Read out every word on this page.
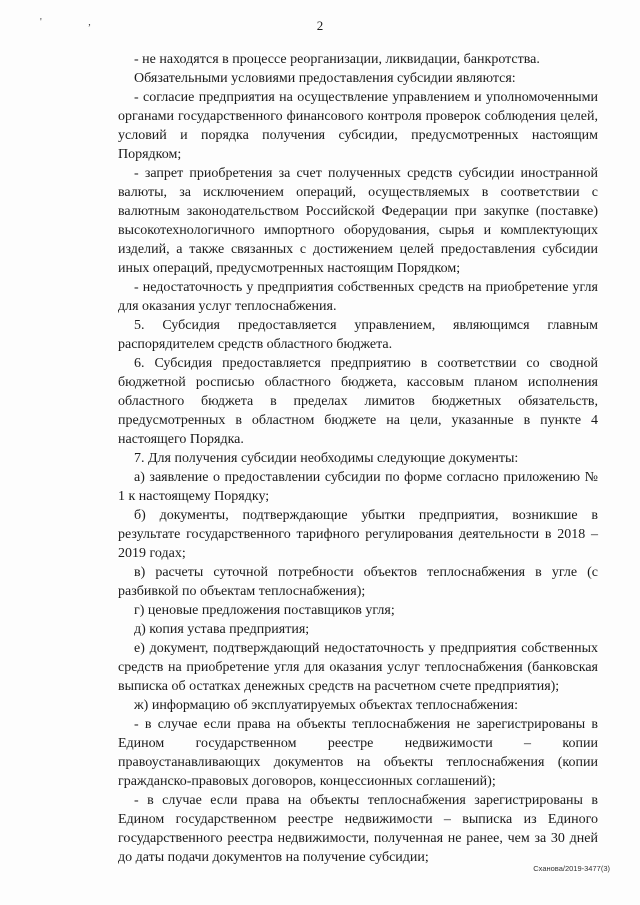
' ,	2

- не находятся в процессе реорганизации, ликвидации, банкротства.

Обязательными условиями предоставления субсидии являются:

- согласие предприятия на осуществление управлением и уполномоченными органами государственного финансового контроля проверок соблюдения целей, условий и порядка получения субсидии, предусмотренных настоящим Порядком;

- запрет приобретения за счет полученных средств субсидии иностранной валюты, за исключением операций, осуществляемых в соответствии с валютным законодательством Российской Федерации при закупке (поставке) высокотехнологичного импортного оборудования, сырья и комплектующих изделий, а также связанных с достижением целей предоставления субсидии иных операций, предусмотренных настоящим Порядком;

- недостаточность у предприятия собственных средств на приобретение угля для оказания услуг теплоснабжения.

5. Субсидия предоставляется управлением, являющимся главным распорядителем средств областного бюджета.

6. Субсидия предоставляется предприятию в соответствии со сводной бюджетной росписью областного бюджета, кассовым планом исполнения областного бюджета в пределах лимитов бюджетных обязательств, предусмотренных в областном бюджете на цели, указанные в пункте 4 настоящего Порядка.

7. Для получения субсидии необходимы следующие документы:

а) заявление о предоставлении субсидии по форме согласно приложению № 1 к настоящему Порядку;

б) документы, подтверждающие убытки предприятия, возникшие в результате государственного тарифного регулирования деятельности в 2018 – 2019 годах;

в) расчеты суточной потребности объектов теплоснабжения в угле (с разбивкой по объектам теплоснабжения);

г) ценовые предложения поставщиков угля;

д) копия устава предприятия;

е) документ, подтверждающий недостаточность у предприятия собственных средств на приобретение угля для оказания услуг теплоснабжения (банковская выписка об остатках денежных средств на расчетном счете предприятия);

ж) информацию об эксплуатируемых объектах теплоснабжения:

- в случае если права на объекты теплоснабжения не зарегистрированы в Едином государственном реестре недвижимости – копии правоустанавливающих документов на объекты теплоснабжения (копии гражданско-правовых договоров, концессионных соглашений);

- в случае если права на объекты теплоснабжения зарегистрированы в Едином государственном реестре недвижимости – выписка из Единого государственного реестра недвижимости, полученная не ранее, чем за 30 дней до даты подачи документов на получение субсидии;

Сханова/2019-3477(3)
